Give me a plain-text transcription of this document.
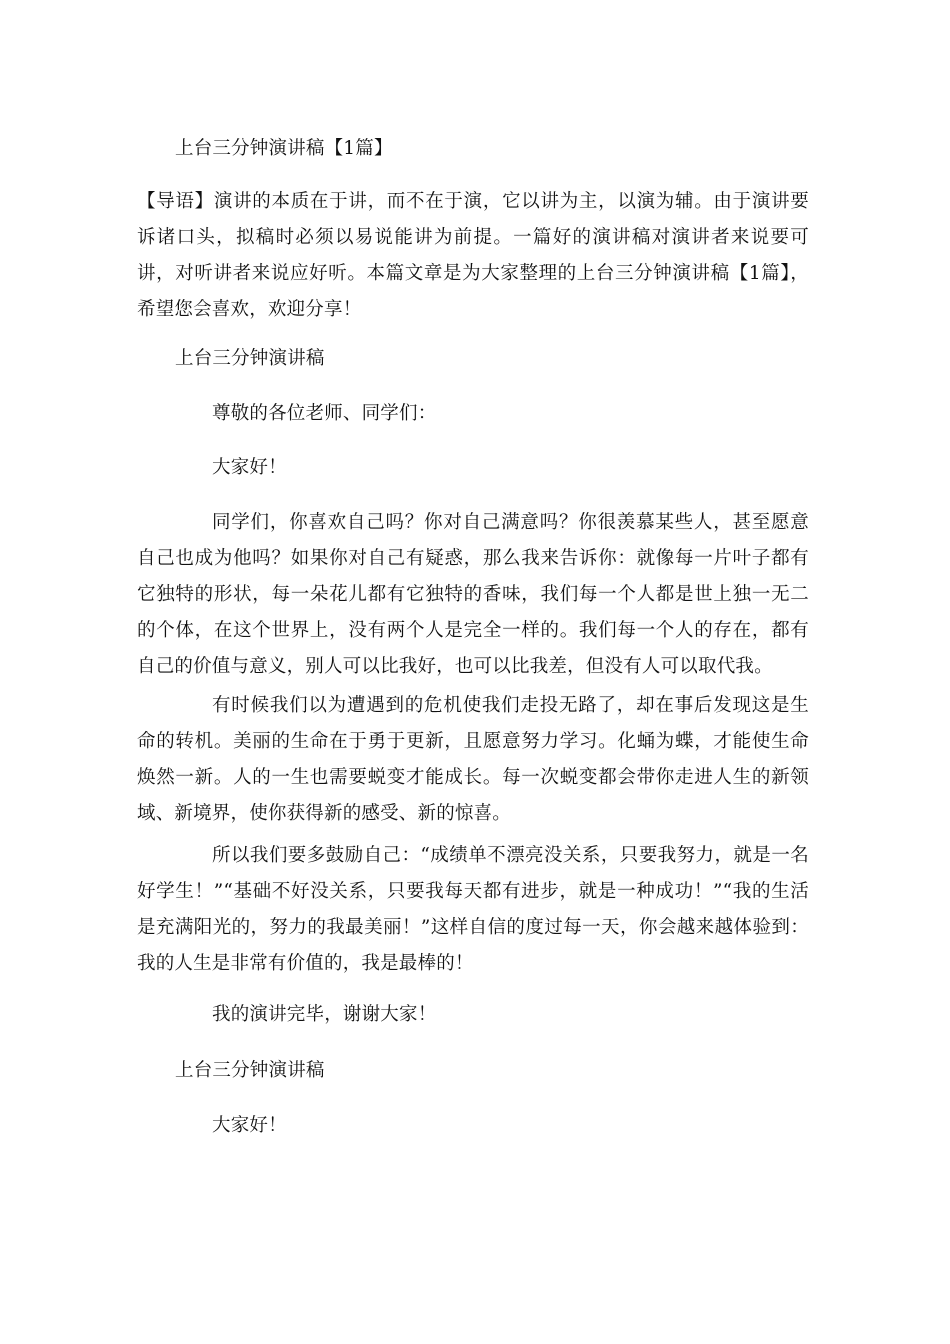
上台三分钟演讲稿【1篇】
【导语】演讲的本质在于讲，而不在于演，它以讲为主，以演为辅。由于演讲要诉诸口头，拟稿时必须以易说能讲为前提。一篇好的演讲稿对演讲者来说要可讲，对听讲者来说应好听。本篇文章是为大家整理的上台三分钟演讲稿【1篇】，希望您会喜欢，欢迎分享！
上台三分钟演讲稿
尊敬的各位老师、同学们：
大家好！
同学们，你喜欢自己吗？你对自己满意吗？你很羡慕某些人，甚至愿意自己也成为他吗？如果你对自己有疑惑，那么我来告诉你：就像每一片叶子都有它独特的形状，每一朵花儿都有它独特的香味，我们每一个人都是世上独一无二的个体，在这个世界上，没有两个人是完全一样的。我们每一个人的存在，都有自己的价值与意义，别人可以比我好，也可以比我差，但没有人可以取代我。
有时候我们以为遭遇到的危机使我们走投无路了，却在事后发现这是生命的转机。美丽的生命在于勇于更新，且愿意努力学习。化蛹为蝶，才能使生命焕然一新。人的一生也需要蜕变才能成长。每一次蜕变都会带你走进人生的新领域、新境界，使你获得新的感受、新的惊喜。
所以我们要多鼓励自己：“成绩单不漂亮没关系，只要我努力，就是一名好学生！”“基础不好没关系，只要我每天都有进步，就是一种成功！”“我的生活是充满阳光的，努力的我最美丽！”这样自信的度过每一天，你会越来越体验到：我的人生是非常有价值的，我是最棒的！
我的演讲完毕，谢谢大家！
上台三分钟演讲稿
大家好！
